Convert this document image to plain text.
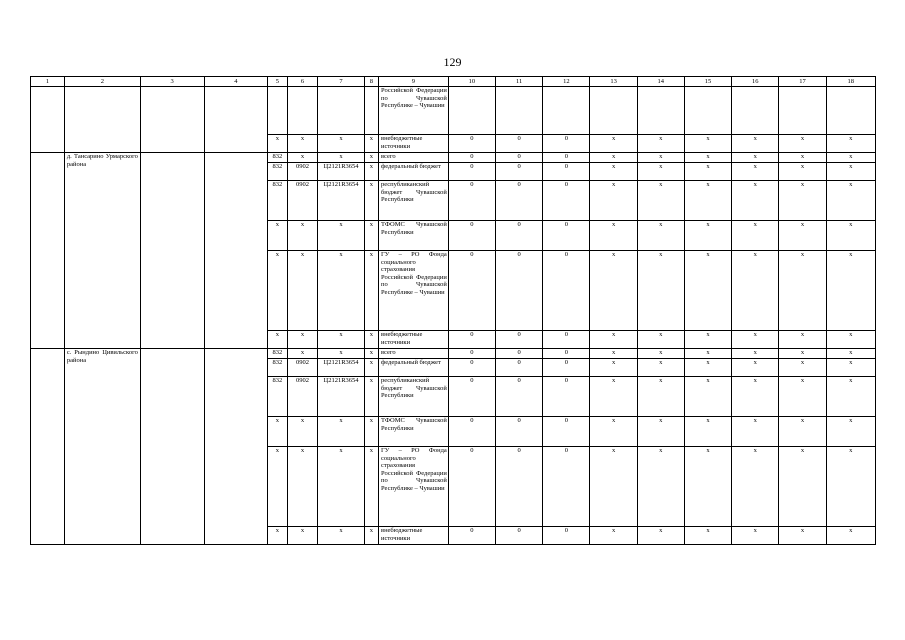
129
1	2	3	4	5	6	7	8	9	10	11	12	13	14	15	16	17	18
								Российской Федерации по Чувашской Республике – Чувашии									
				x	x	x	x	внебюджетные источники	0	0	0	x	x	x	x	x	x
	д. Тансарино Урмарского района			832	x	x	x	всего	0	0	0	x	x	x	x	x	x
				832	0902	Ц2121R3654	x	федеральный бюджет	0	0	0	x	x	x	x	x	x
				832	0902	Ц2121R3654	x	республиканский бюджет Чувашской Республики	0	0	0	x	x	x	x	x	x
				x	x	x	x	ТФОМС Чувашской Республики	0	0	0	x	x	x	x	x	x
				x	x	x	x	ГУ – РО Фонда социального страхования Российской Федерации по Чувашской Республике – Чувашии	0	0	0	x	x	x	x	x	x
				x	x	x	x	внебюджетные источники	0	0	0	x	x	x	x	x	x
	с. Рындино Цивильского района			832	x	x	x	всего	0	0	0	x	x	x	x	x	x
				832	0902	Ц2121R3654	x	федеральный бюджет	0	0	0	x	x	x	x	x	x
				832	0902	Ц2121R3654	x	республиканский бюджет Чувашской Республики	0	0	0	x	x	x	x	x	x
				x	x	x	x	ТФОМС Чувашской Республики	0	0	0	x	x	x	x	x	x
				x	x	x	x	ГУ – РО Фонда социального страхования Российской Федерации по Чувашской Республике – Чувашии	0	0	0	x	x	x	x	x	x
				x	x	x	x	внебюджетные источники	0	0	0	x	x	x	x	x	x
